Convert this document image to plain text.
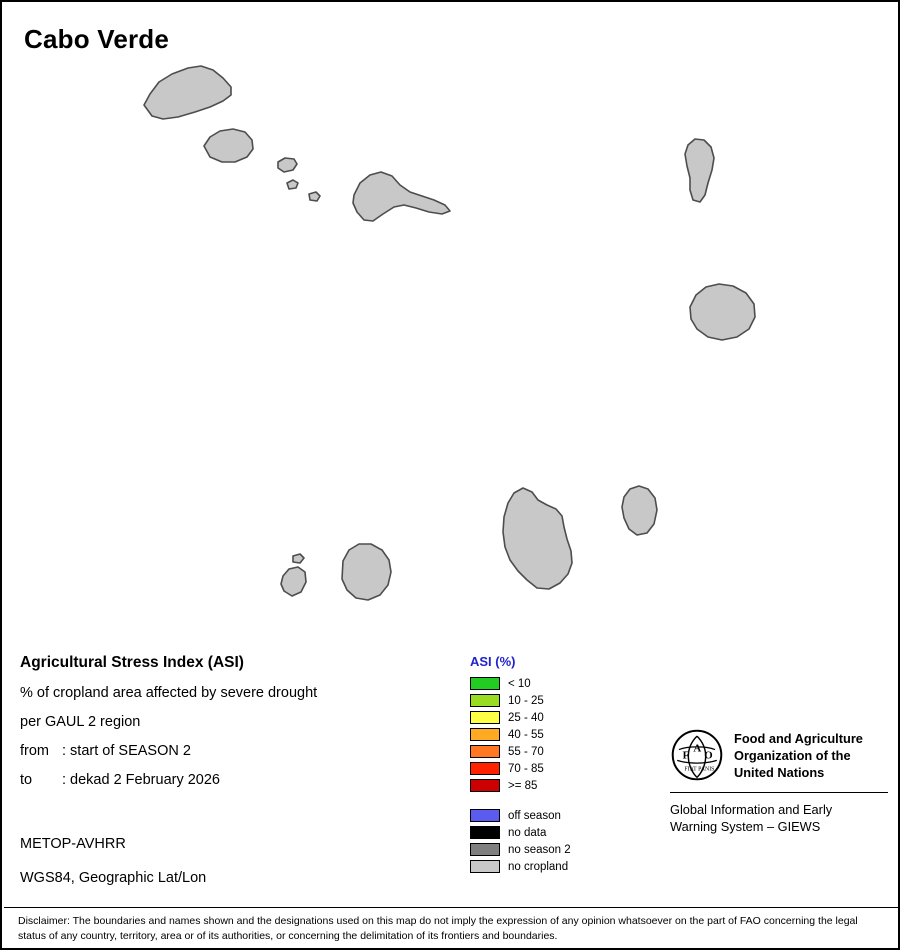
Cabo Verde
Agricultural Stress Index (ASI)
% of cropland area affected by severe drought
per GAUL 2 region
from : start of SEASON 2
to : dekad 2 February 2026
METOP-AVHRR
WGS84, Geographic Lat/Lon
ASI (%)
< 10
10 - 25
25 - 40
40 - 55
55 - 70
70 - 85
>= 85
off season
no data
no season 2
no cropland
F
A
O
FIAT PANIS
Food and Agriculture Organization of the United Nations
Global Information and Early
Warning System – GIEWS
Disclaimer: The boundaries and names shown and the designations used on this map do not imply the expression of any opinion whatsoever on the part of FAO concerning the legal status of any country, territory, area or of its authorities, or concerning the delimitation of its frontiers and boundaries.
